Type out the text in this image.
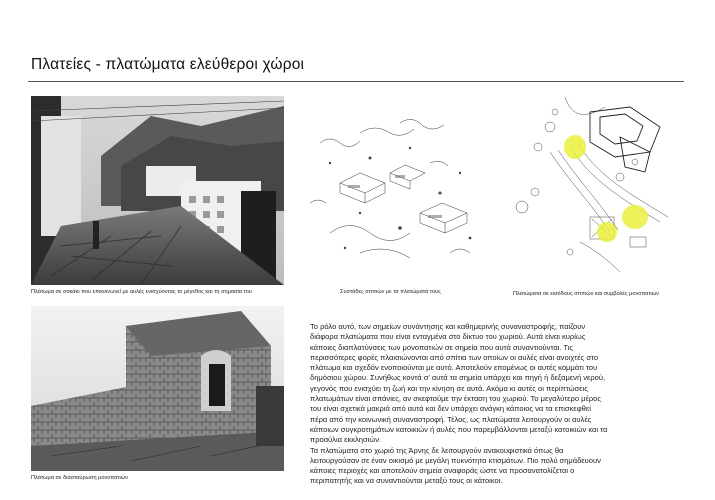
Πλατείες - πλατώματα ελεύθεροι χώροι
Πλάτωμα σε σοκάκι που επικοινωνεί με αυλές ενισχύοντας το μέγεθος και τη σημασία του	Συστάδες σπιτιών με τα πλατώματά τους	Πλατώματα σε εισόδους σπιτιών και συμβολές μονοπατιών
Πλάτωμα σε διασταύρωση μονοπατιών

Το ρόλο αυτό, των σημείων συνάντησης και καθημερινής συναναστροφής, παίζουν διάφορα πλατώματα που είναι ενταγμένα στο δίκτυο του χωριού. Αυτά είναι κυρίως κάποιες διαπλατύνσεις των μονοπατιών σε σημεία που αυτά συναντιούνται. Τις περισσότερες φορές πλαισιώνονται από σπίτια των οποίων οι αυλές είναι ανοιχτές στο πλάτωμα και σχεδόν ενοποιούνται με αυτό. Αποτελούν επομένως οι αυτές κομμάτι του δημόσιου χώρου. Συνήθως κοντά σ' αυτά τα σημεία υπάρχει και πηγή ή δεξαμενή νερού, γεγονός που ενισχύει τη ζωή και την κίνηση σε αυτά. Ακόμα κι αυτές οι περίπτώσεις πλατωμάτων είναι σπάνιες, αν σκεφτούμε την έκταση του χωριού. Το μεγαλύτερο μέρος του είναι σχετικά μακριά από αυτά και δεν υπάρχει ανάγκη κάποιος να τα επισκεφθεί πέρα από την κοινωνική συναναστροφή. Τέλος, ως πλατώματα λειτουργούν οι αυλές κάποιων συγκροτημάτων κατοικιών ή αυλές που παρεμβάλλονται μεταξύ κατοικιών και τα προαύλια εκκλησιών.

Τα πλατώματα στο χωριό της Άρνης δε λειτουργούν ανακουφιστικά όπως θα λειτουργούσαν σε έναν οικισμό με μεγάλη πυκνότητα κτισμάτων. Πιο πολύ σημάδευουν κάποιες περιοχές και αποτελούν σημεία αναφοράς ώστε να προσανατολίζεται ο περιπατητής και να συναντιούνται μεταξύ τους οι κάτοικοι.
